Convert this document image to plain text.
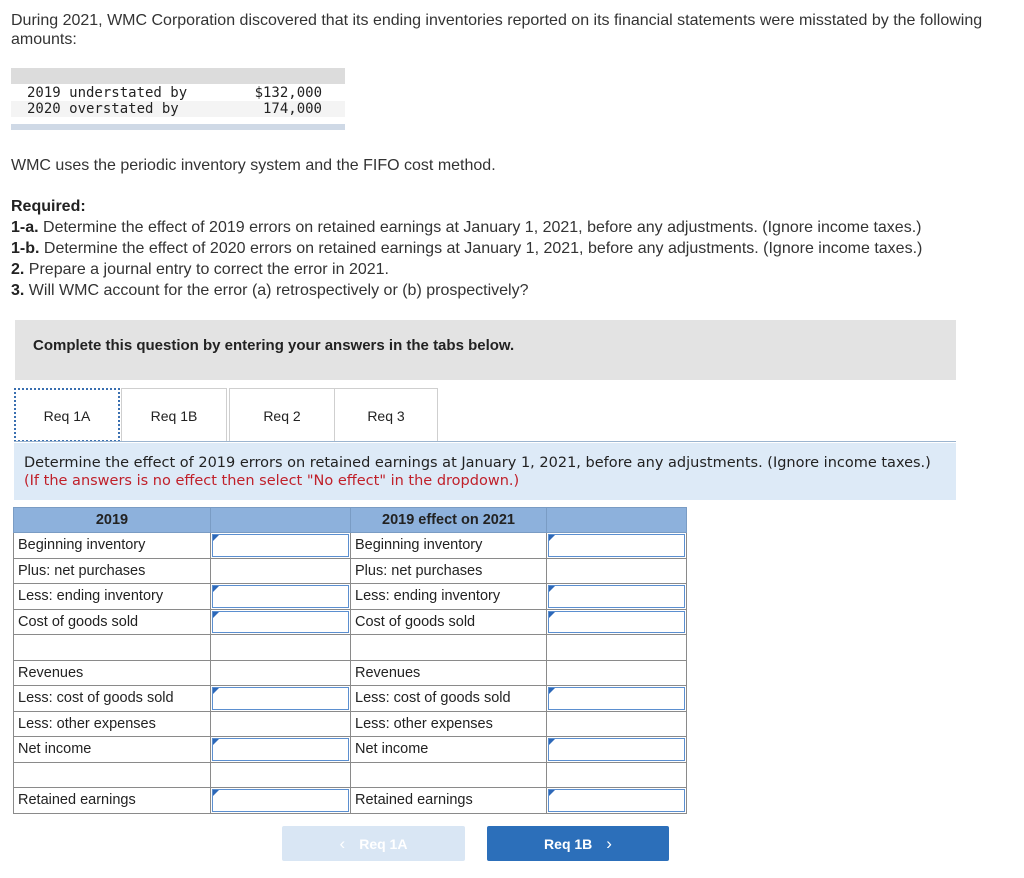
During 2021, WMC Corporation discovered that its ending inventories reported on its financial statements were misstated by the following amounts:
2019 understated by	$132,000
2020 overstated by	174,000
WMC uses the periodic inventory system and the FIFO cost method.
Required:
1-a. Determine the effect of 2019 errors on retained earnings at January 1, 2021, before any adjustments. (Ignore income taxes.)
1-b. Determine the effect of 2020 errors on retained earnings at January 1, 2021, before any adjustments. (Ignore income taxes.)
2. Prepare a journal entry to correct the error in 2021.
3. Will WMC account for the error (a) retrospectively or (b) prospectively?
Complete this question by entering your answers in the tabs below.
Req 1A	Req 1B	Req 2	Req 3
Determine the effect of 2019 errors on retained earnings at January 1, 2021, before any adjustments. (Ignore income taxes.) (If the answers is no effect then select "No effect" in the dropdown.)
2019		2019 effect on 2021	
Beginning inventory		Beginning inventory	

Plus: net purchases		Plus: net purchases	
Less: ending inventory		Less: ending inventory	

Cost of goods sold		Cost of goods sold	

Revenues		Revenues	
Less: cost of goods sold		Less: cost of goods sold	

Less: other expenses		Less: other expenses	
Net income		Net income	

Retained earnings		Retained earnings	
‹ Req 1A	Req 1B ›
